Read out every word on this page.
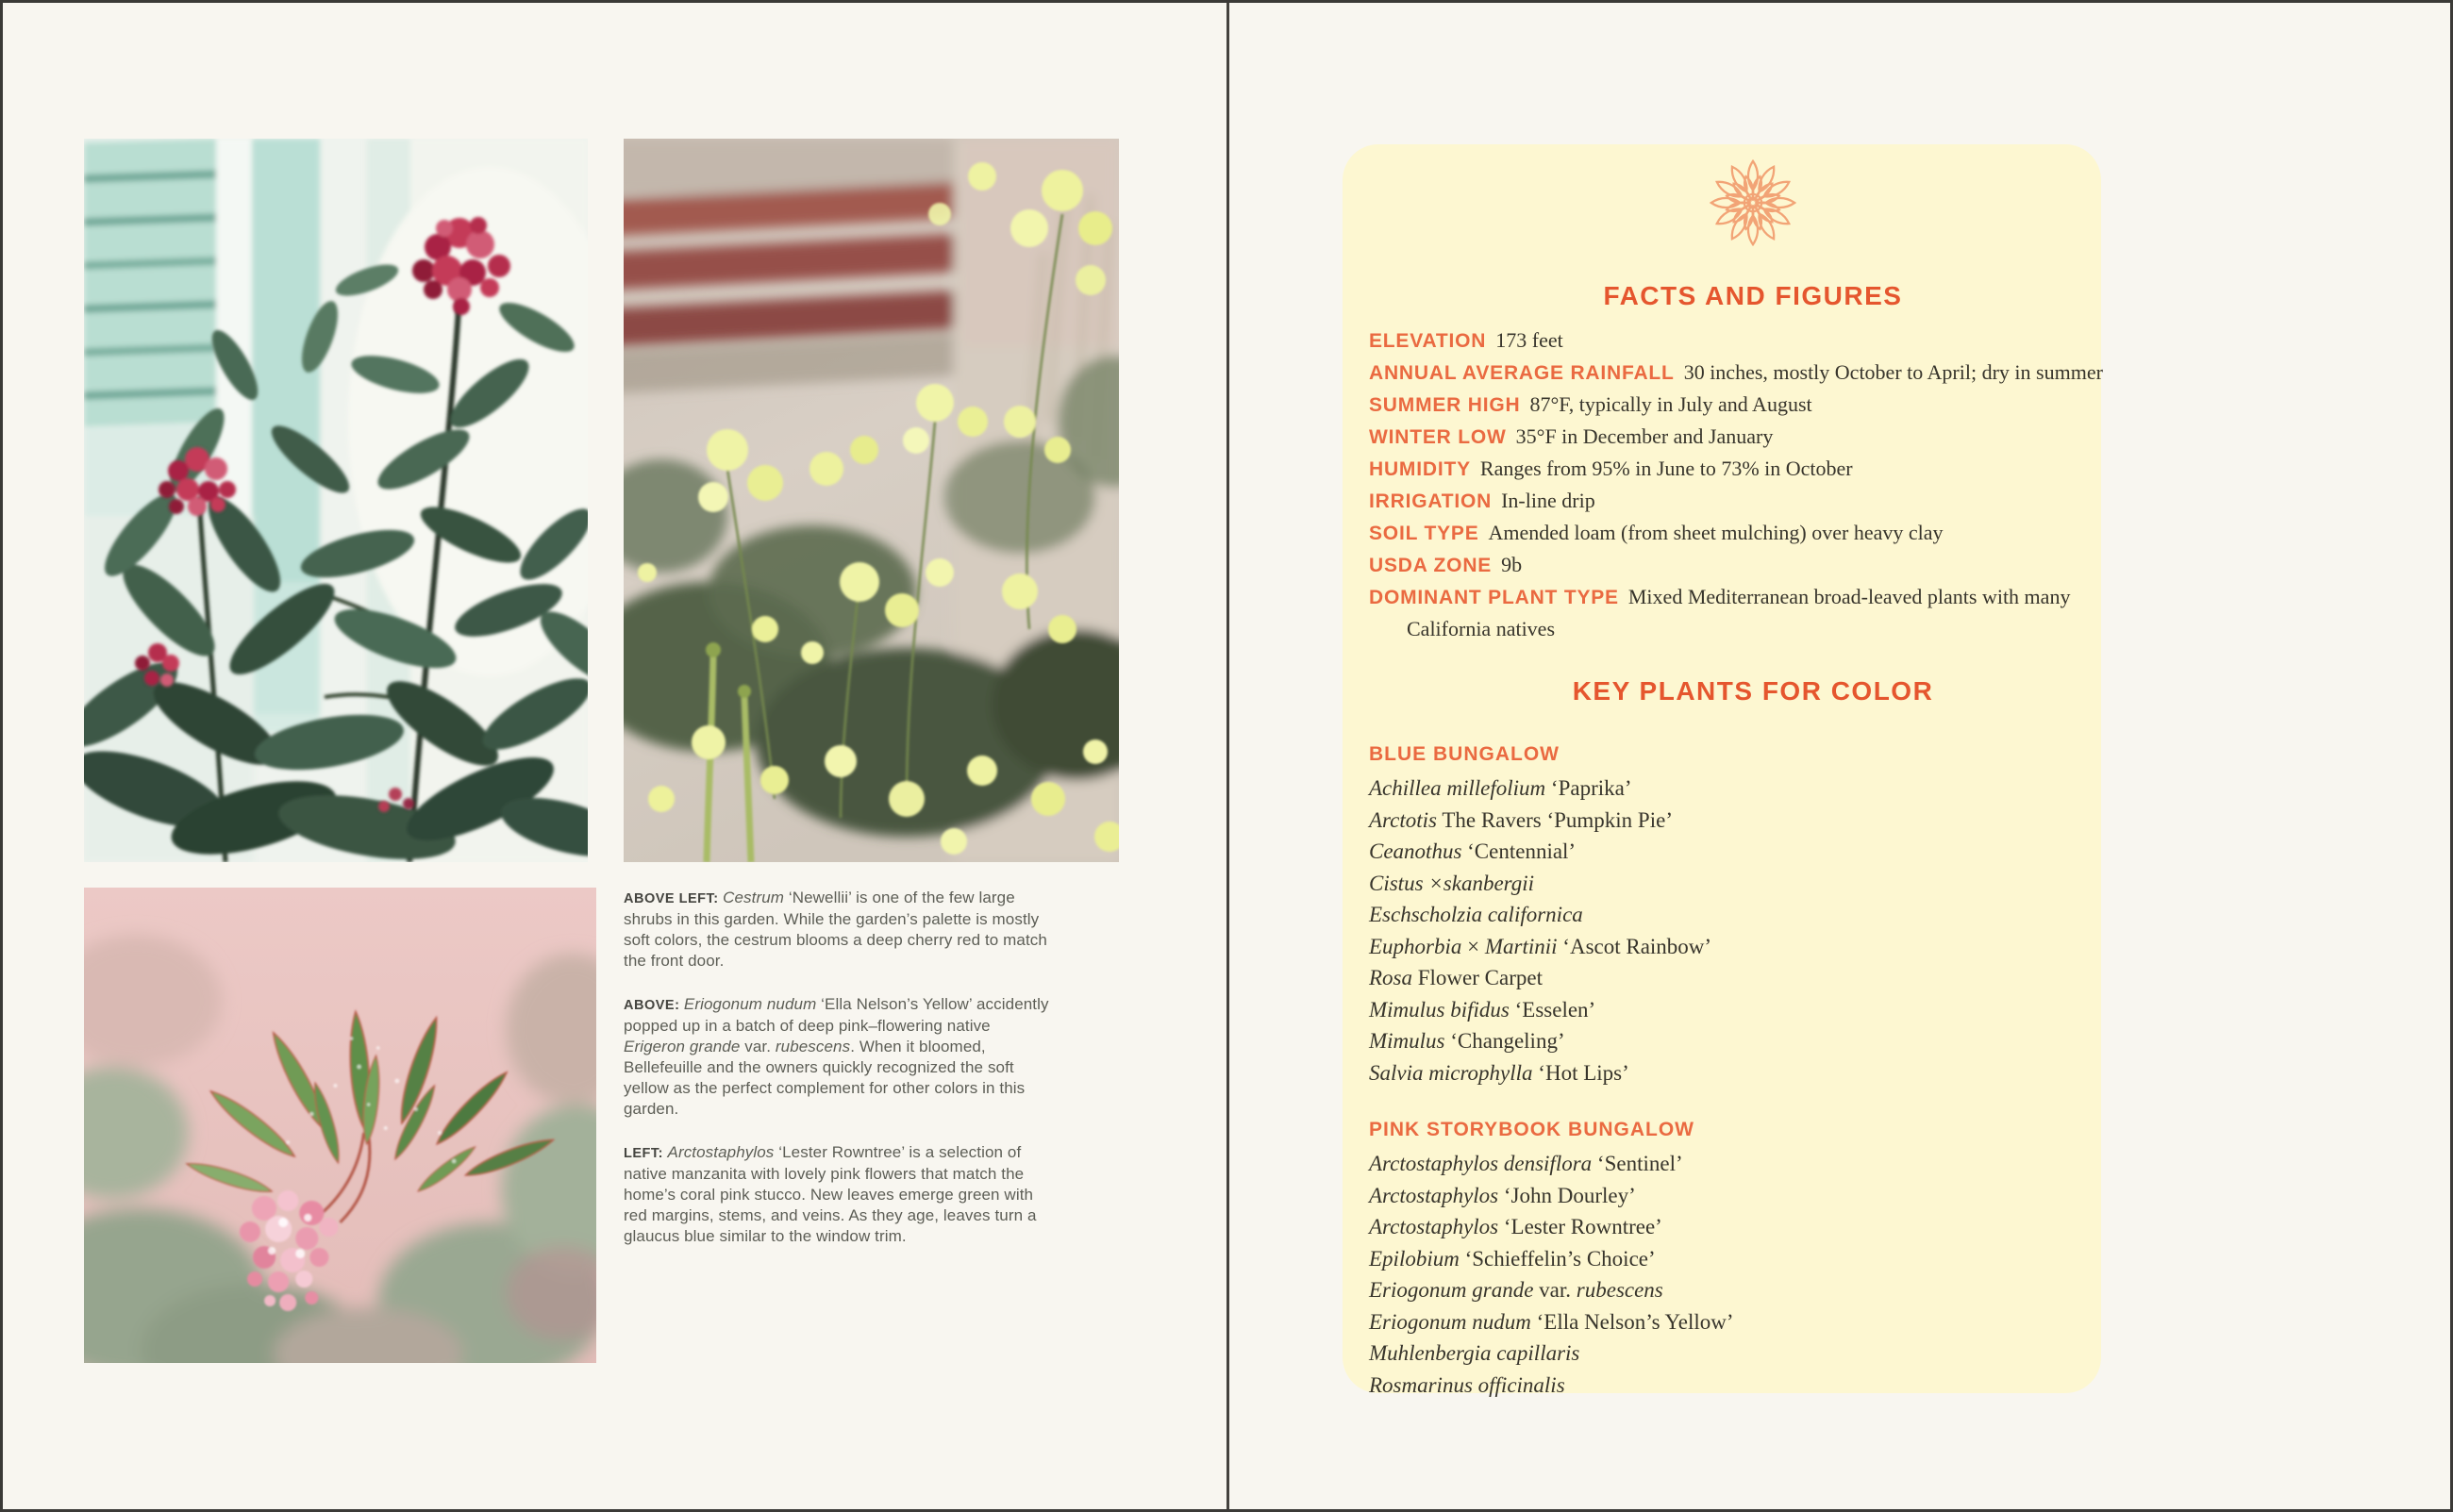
ABOVE LEFT: Cestrum ‘Newellii’ is one of the few large
shrubs in this garden. While the garden’s palette is mostly
soft colors, the cestrum blooms a deep cherry red to match
the front door.
ABOVE: Eriogonum nudum ‘Ella Nelson’s Yellow’ accidently
popped up in a batch of deep pink–flowering native
Erigeron grande var. rubescens. When it bloomed,
Bellefeuille and the owners quickly recognized the soft
yellow as the perfect complement for other colors in this
garden.
LEFT: Arctostaphylos ‘Lester Rowntree’ is a selection of
native manzanita with lovely pink flowers that match the
home’s coral pink stucco. New leaves emerge green with
red margins, stems, and veins. As they age, leaves turn a
glaucus blue similar to the window trim.
FACTS AND FIGURES
ELEVATION 173 feet
ANNUAL AVERAGE RAINFALL 30 inches, mostly October to April; dry in summer
SUMMER HIGH 87°F, typically in July and August
WINTER LOW 35°F in December and January
HUMIDITY Ranges from 95% in June to 73% in October
IRRIGATION In-line drip
SOIL TYPE Amended loam (from sheet mulching) over heavy clay
USDA ZONE 9b
DOMINANT PLANT TYPE Mixed Mediterranean broad-leaved plants with many
California natives
KEY PLANTS FOR COLOR
BLUE BUNGALOW
Achillea millefolium ‘Paprika’
Arctotis The Ravers ‘Pumpkin Pie’
Ceanothus ‘Centennial’
Cistus ×skanbergii
Eschscholzia californica
Euphorbia × Martinii ‘Ascot Rainbow’
Rosa Flower Carpet
Mimulus bifidus ‘Esselen’
Mimulus ‘Changeling’
Salvia microphylla ‘Hot Lips’
PINK STORYBOOK BUNGALOW
Arctostaphylos densiflora ‘Sentinel’
Arctostaphylos ‘John Dourley’
Arctostaphylos ‘Lester Rowntree’
Epilobium ‘Schieffelin’s Choice’
Eriogonum grande var. rubescens
Eriogonum nudum ‘Ella Nelson’s Yellow’
Muhlenbergia capillaris
Rosmarinus officinalis
